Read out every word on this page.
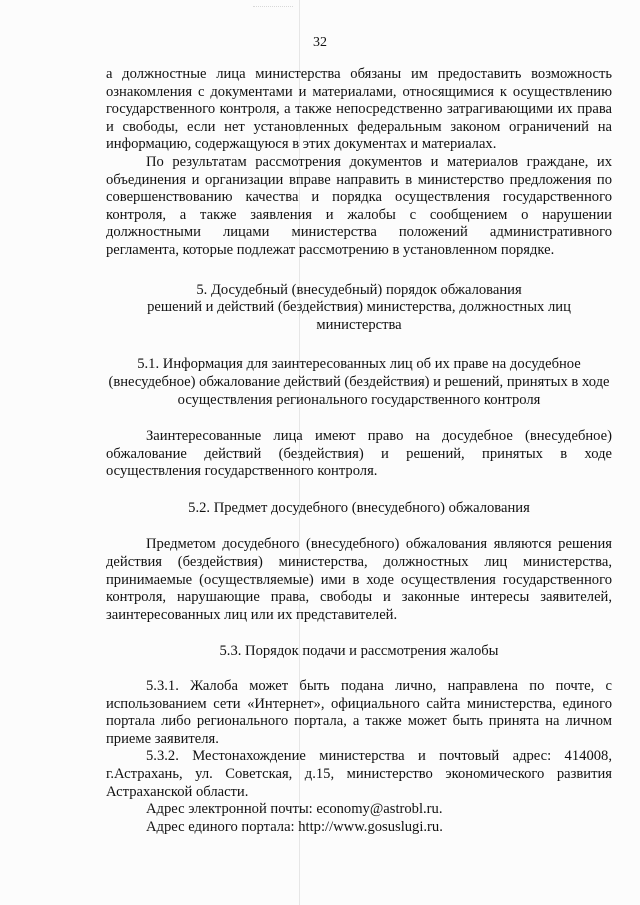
32

а должностные лица министерства обязаны им предоставить возможность ознакомления с документами и материалами, относящимися к осуществлению государственного контроля, а также непосредственно затрагивающими их права и свободы, если нет установленных федеральным законом ограничений на информацию, содержащуюся в этих документах и материалах.

По результатам рассмотрения документов и материалов граждане, их объединения и организации вправе направить в министерство предложения по совершенствованию качества и порядка осуществления государственного контроля, а также заявления и жалобы с сообщением о нарушении должностными лицами министерства положений административного регламента, которые подлежат рассмотрению в установленном порядке.

5. Досудебный (внесудебный) порядок обжалования

решений и действий (бездействия) министерства, должностных лиц

министерства

5.1. Информация для заинтересованных лиц об их праве на досудебное (внесудебное) обжалование действий (бездействия) и решений, принятых в ходе осуществления регионального государственного контроля

Заинтересованные лица имеют право на досудебное (внесудебное) обжалование действий (бездействия) и решений, принятых в ходе осуществления государственного контроля.

5.2. Предмет досудебного (внесудебного) обжалования

Предметом досудебного (внесудебного) обжалования являются решения действия (бездействия) министерства, должностных лиц министерства, принимаемые (осуществляемые) ими в ходе осуществления государственного контроля, нарушающие права, свободы и законные интересы заявителей, заинтересованных лиц или их представителей.

5.3. Порядок подачи и рассмотрения жалобы

5.3.1. Жалоба может быть подана лично, направлена по почте, с использованием сети «Интернет», официального сайта министерства, единого портала либо регионального портала, а также может быть принята на личном приеме заявителя.

5.3.2. Местонахождение министерства и почтовый адрес: 414008, г.Астрахань, ул. Советская, д.15, министерство экономического развития Астраханской области.

Адрес электронной почты: economy@astrobl.ru.

Адрес единого портала: http://www.gosuslugi.ru.
